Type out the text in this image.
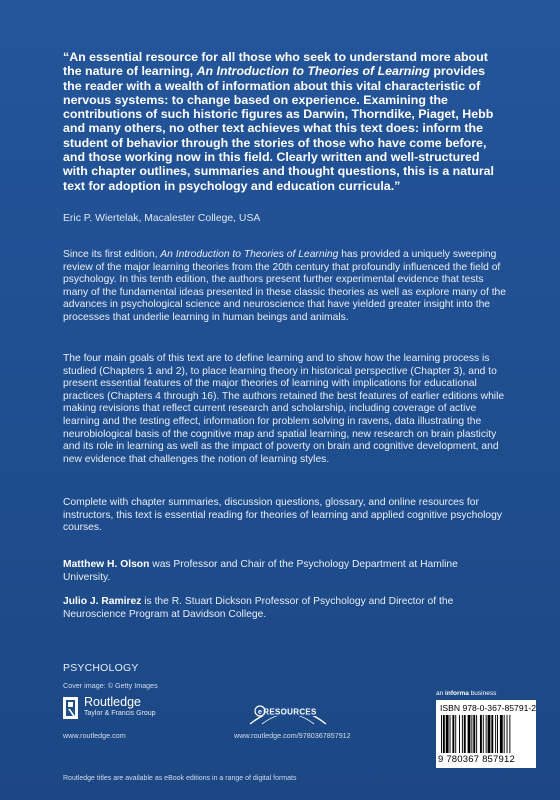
“An essential resource for all those who seek to understand more about the nature of learning, An Introduction to Theories of Learning provides the reader with a wealth of information about this vital characteristic of nervous systems: to change based on experience. Examining the contributions of such historic figures as Darwin, Thorndike, Piaget, Hebb and many others, no other text achieves what this text does: inform the student of behavior through the stories of those who have come before, and those working now in this field. Clearly written and well-structured with chapter outlines, summaries and thought questions, this is a natural text for adoption in psychology and education curricula.”
Eric P. Wiertelak, Macalester College, USA
Since its first edition, An Introduction to Theories of Learning has provided a uniquely sweeping review of the major learning theories from the 20th century that profoundly influenced the field of psychology. In this tenth edition, the authors present further experimental evidence that tests many of the fundamental ideas presented in these classic theories as well as explore many of the advances in psychological science and neuroscience that have yielded greater insight into the processes that underlie learning in human beings and animals.
The four main goals of this text are to define learning and to show how the learning process is studied (Chapters 1 and 2), to place learning theory in historical perspective (Chapter 3), and to present essential features of the major theories of learning with implications for educational practices (Chapters 4 through 16). The authors retained the best features of earlier editions while making revisions that reflect current research and scholarship, including coverage of active learning and the testing effect, information for problem solving in ravens, data illustrating the neurobiological basis of the cognitive map and spatial learning, new research on brain plasticity and its role in learning as well as the impact of poverty on brain and cognitive development, and new evidence that challenges the notion of learning styles.
Complete with chapter summaries, discussion questions, glossary, and online resources for instructors, this text is essential reading for theories of learning and applied cognitive psychology courses.
Matthew H. Olson was Professor and Chair of the Psychology Department at Hamline University.
Julio J. Ramirez is the R. Stuart Dickson Professor of Psychology and Director of the Neuroscience Program at Davidson College.
PSYCHOLOGY
Cover image: © Getty Images
Routledge
Taylor & Francis Group
www.routledge.com
e RESOURCES
www.routledge.com/9780367857912
an informa business
ISBN 978-0-367-85791-2
9 780367 857912
Routledge titles are available as eBook editions in a range of digital formats
